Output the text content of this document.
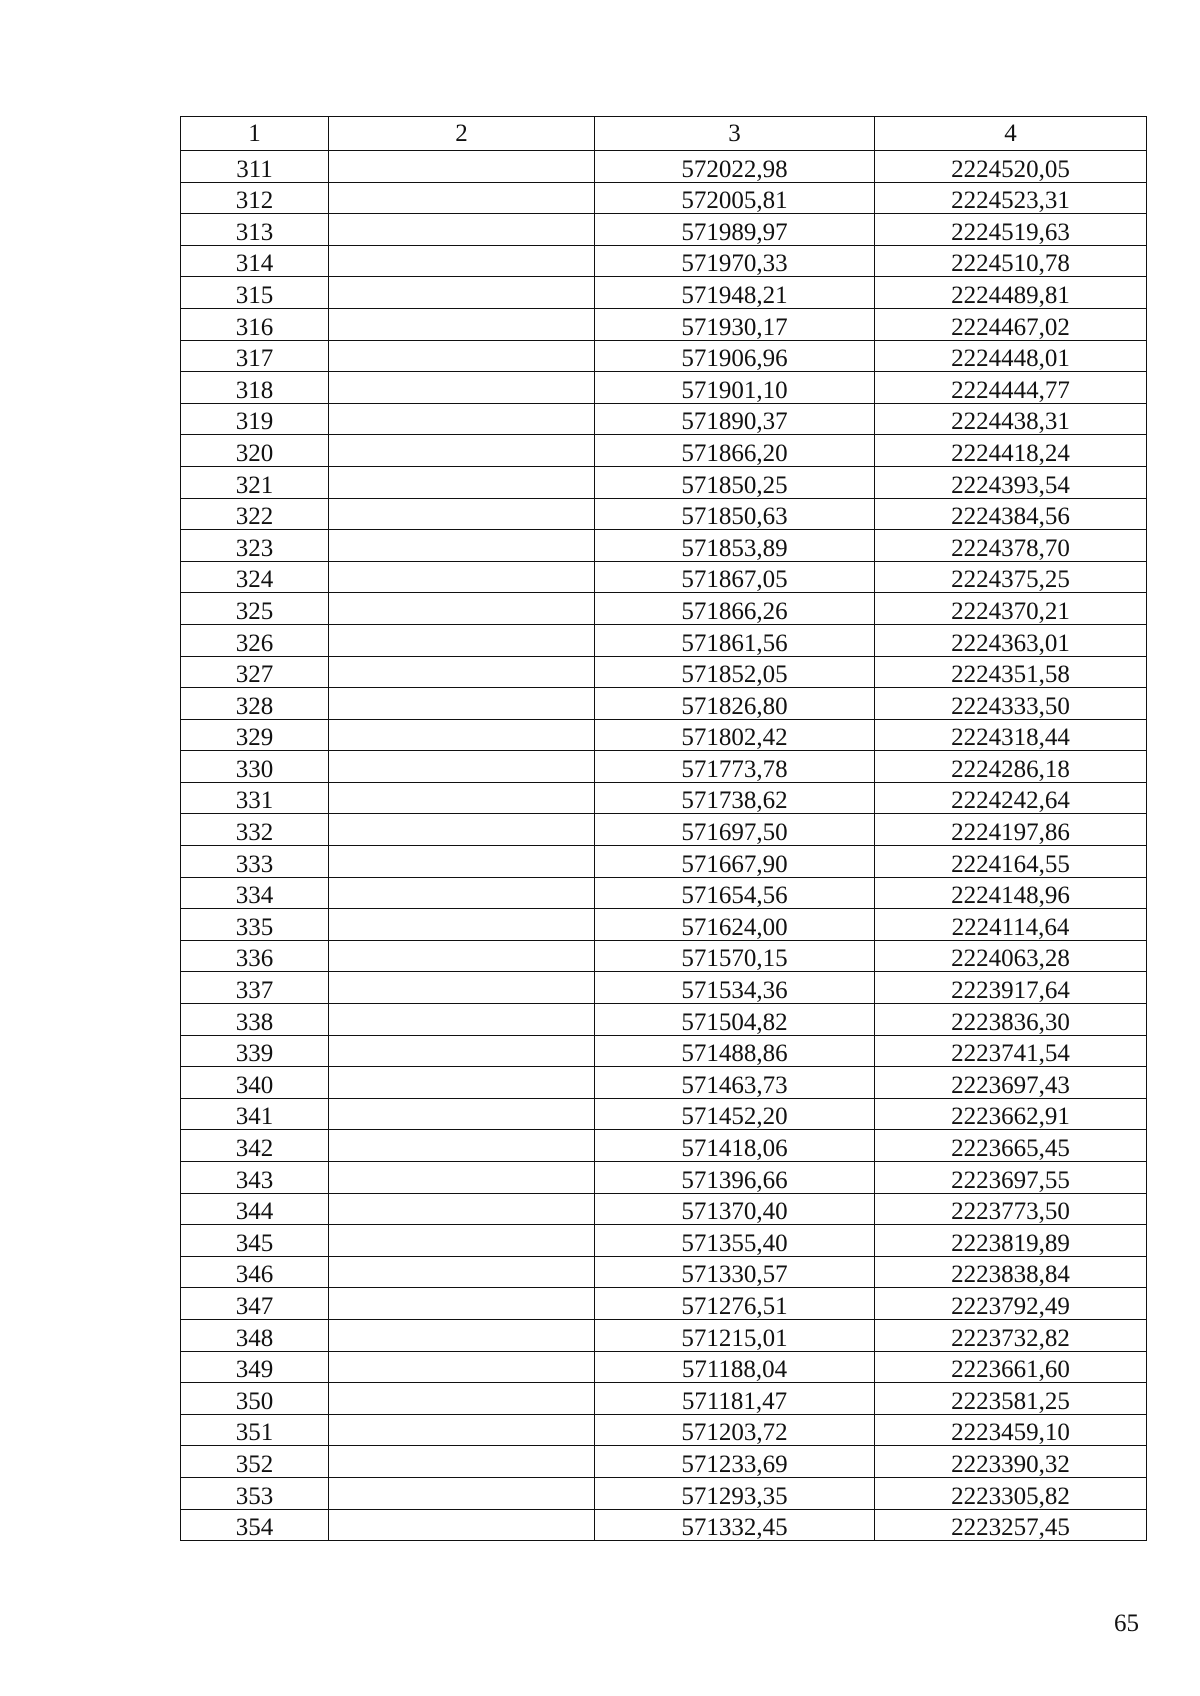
1	2	3	4
311		572022,98	2224520,05
312		572005,81	2224523,31
313		571989,97	2224519,63
314		571970,33	2224510,78
315		571948,21	2224489,81
316		571930,17	2224467,02
317		571906,96	2224448,01
318		571901,10	2224444,77
319		571890,37	2224438,31
320		571866,20	2224418,24
321		571850,25	2224393,54
322		571850,63	2224384,56
323		571853,89	2224378,70
324		571867,05	2224375,25
325		571866,26	2224370,21
326		571861,56	2224363,01
327		571852,05	2224351,58
328		571826,80	2224333,50
329		571802,42	2224318,44
330		571773,78	2224286,18
331		571738,62	2224242,64
332		571697,50	2224197,86
333		571667,90	2224164,55
334		571654,56	2224148,96
335		571624,00	2224114,64
336		571570,15	2224063,28
337		571534,36	2223917,64
338		571504,82	2223836,30
339		571488,86	2223741,54
340		571463,73	2223697,43
341		571452,20	2223662,91
342		571418,06	2223665,45
343		571396,66	2223697,55
344		571370,40	2223773,50
345		571355,40	2223819,89
346		571330,57	2223838,84
347		571276,51	2223792,49
348		571215,01	2223732,82
349		571188,04	2223661,60
350		571181,47	2223581,25
351		571203,72	2223459,10
352		571233,69	2223390,32
353		571293,35	2223305,82
354		571332,45	2223257,45
65
